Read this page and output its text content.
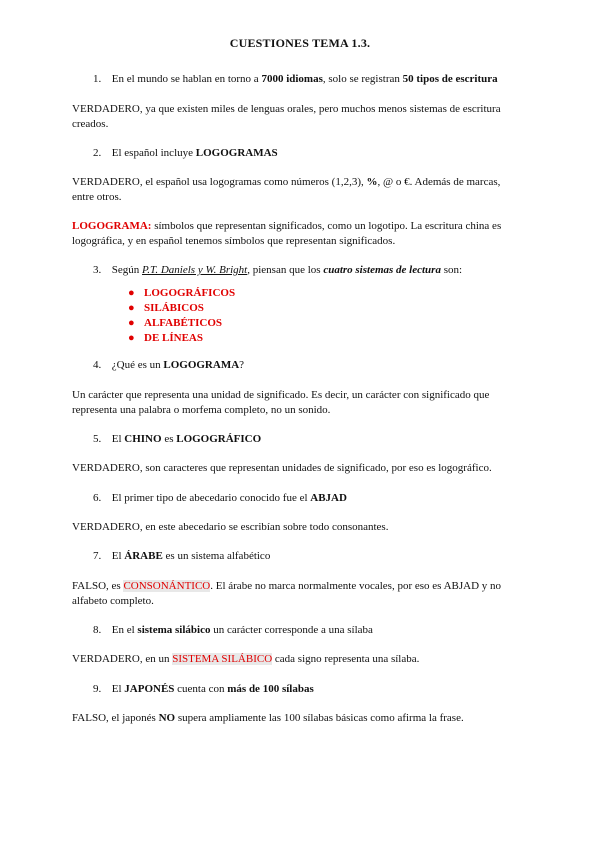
CUESTIONES TEMA 1.3.
1. En el mundo se hablan en torno a 7000 idiomas, solo se registran 50 tipos de escritura
VERDADERO, ya que existen miles de lenguas orales, pero muchos menos sistemas de escritura creados.
2. El español incluye LOGOGRAMAS
VERDADERO, el español usa logogramas como números (1,2,3), %, @ o €. Además de marcas, entre otros.
LOGOGRAMA: símbolos que representan significados, como un logotipo. La escritura china es logográfica, y en español tenemos símbolos que representan significados.
3. Según P.T. Daniels y W. Bright, piensan que los cuatro sistemas de lectura son:
● LOGOGRÁFICOS
● SILÁBICOS
● ALFABÉTICOS
● DE LÍNEAS
4. ¿Qué es un LOGOGRAMA?
Un carácter que representa una unidad de significado. Es decir, un carácter con significado que representa una palabra o morfema completo, no un sonido.
5. El CHINO es LOGOGRÁFICO
VERDADERO, son caracteres que representan unidades de significado, por eso es logográfico.
6. El primer tipo de abecedario conocido fue el ABJAD
VERDADERO, en este abecedario se escribían sobre todo consonantes.
7. El ÁRABE es un sistema alfabético
FALSO, es CONSONÁNTICO. El árabe no marca normalmente vocales, por eso es ABJAD y no alfabeto completo.
8. En el sistema silábico un carácter corresponde a una sílaba
VERDADERO, en un SISTEMA SILÁBICO cada signo representa una sílaba.
9. El JAPONÉS cuenta con más de 100 sílabas
FALSO, el japonés NO supera ampliamente las 100 sílabas básicas como afirma la frase.
